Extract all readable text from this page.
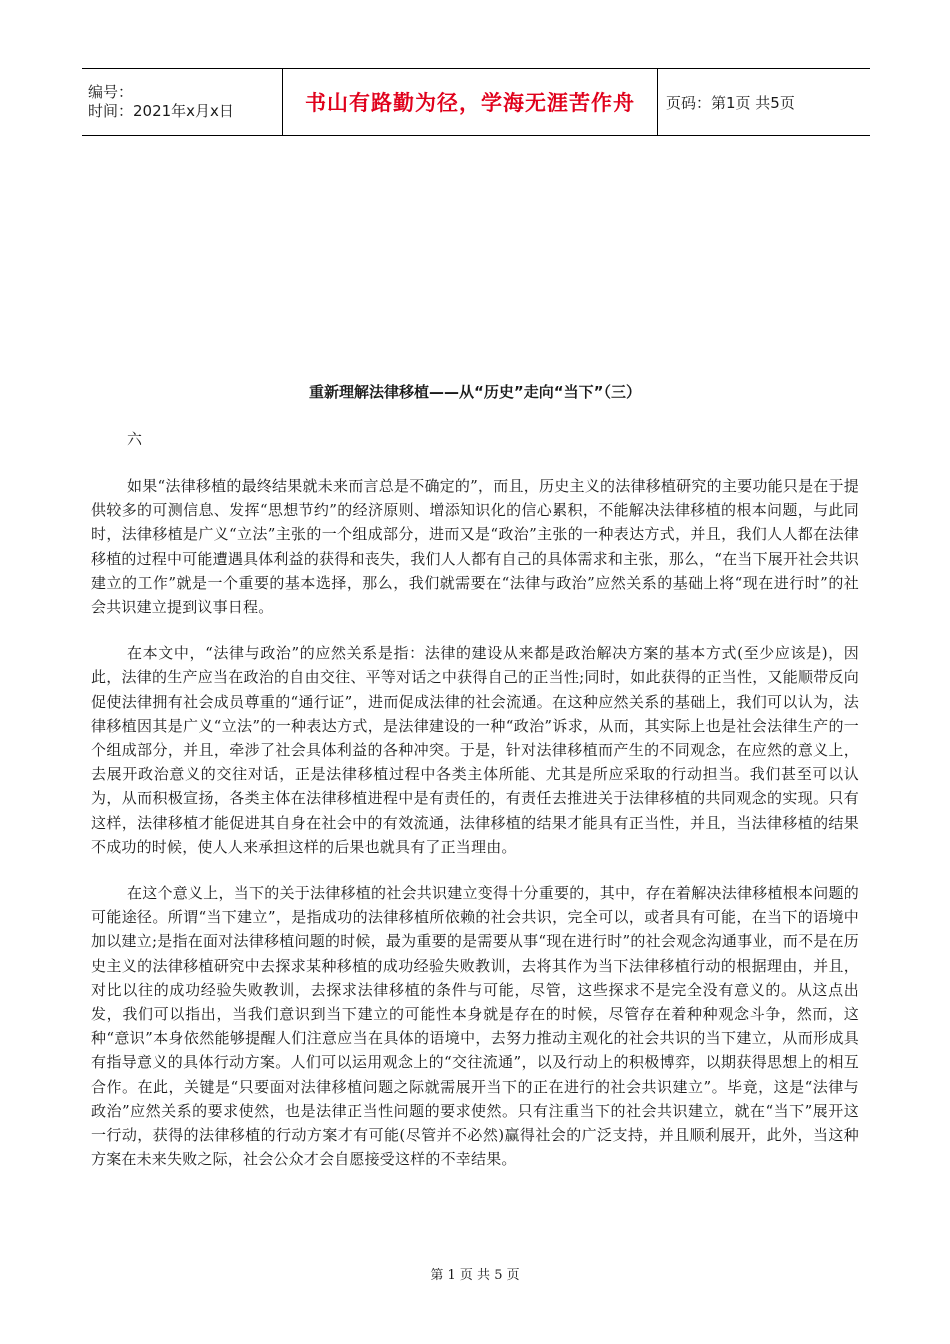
编号：
时间：2021年x月x日	书山有路勤为径，学海无涯苦作舟 页码：第1页 共5页
重新理解法律移植——从“历史”走向“当下”（三）
六

如果“法律移植的最终结果就未来而言总是不确定的”，而且，历史主义的法律移植研究的主要功能只是在于提供较多的可测信息、发挥“思想节约”的经济原则、增添知识化的信心累积，不能解决法律移植的根本问题，与此同时，法律移植是广义“立法”主张的一个组成部分，进而又是“政治”主张的一种表达方式，并且，我们人人都在法律移植的过程中可能遭遇具体利益的获得和丧失，我们人人都有自己的具体需求和主张，那么，“在当下展开社会共识建立的工作”就是一个重要的基本选择，那么，我们就需要在“法律与政治”应然关系的基础上将“现在进行时”的社会共识建立提到议事日程。

在本文中，“法律与政治”的应然关系是指：法律的建设从来都是政治解决方案的基本方式(至少应该是)，因此，法律的生产应当在政治的自由交往、平等对话之中获得自己的正当性;同时，如此获得的正当性，又能顺带反向促使法律拥有社会成员尊重的“通行证”，进而促成法律的社会流通。在这种应然关系的基础上，我们可以认为，法律移植因其是广义“立法”的一种表达方式，是法律建设的一种“政治”诉求，从而，其实际上也是社会法律生产的一个组成部分，并且，牵涉了社会具体利益的各种冲突。于是，针对法律移植而产生的不同观念，在应然的意义上，去展开政治意义的交往对话，正是法律移植过程中各类主体所能、尤其是所应采取的行动担当。我们甚至可以认为，从而积极宣扬，各类主体在法律移植进程中是有责任的，有责任去推进关于法律移植的共同观念的实现。只有这样，法律移植才能促进其自身在社会中的有效流通，法律移植的结果才能具有正当性，并且，当法律移植的结果不成功的时候，使人人来承担这样的后果也就具有了正当理由。

在这个意义上，当下的关于法律移植的社会共识建立变得十分重要的，其中，存在着解决法律移植根本问题的可能途径。所谓“当下建立”，是指成功的法律移植所依赖的社会共识，完全可以，或者具有可能，在当下的语境中加以建立;是指在面对法律移植问题的时候，最为重要的是需要从事“现在进行时”的社会观念沟通事业，而不是在历史主义的法律移植研究中去探求某种移植的成功经验失败教训，去将其作为当下法律移植行动的根据理由，并且，对比以往的成功经验失败教训，去探求法律移植的条件与可能，尽管，这些探求不是完全没有意义的。从这点出发，我们可以指出，当我们意识到当下建立的可能性本身就是存在的时候，尽管存在着种种观念斗争，然而，这种“意识”本身依然能够提醒人们注意应当在具体的语境中，去努力推动主观化的社会共识的当下建立，从而形成具有指导意义的具体行动方案。人们可以运用观念上的“交往流通”，以及行动上的积极博弈，以期获得思想上的相互合作。在此，关键是“只要面对法律移植问题之际就需展开当下的正在进行的社会共识建立”。毕竟，这是“法律与政治”应然关系的要求使然，也是法律正当性问题的要求使然。只有注重当下的社会共识建立，就在“当下”展开这一行动，获得的法律移植的行动方案才有可能(尽管并不必然)赢得社会的广泛支持，并且顺利展开，此外，当这种方案在未来失败之际，社会公众才会自愿接受这样的不幸结果。

第 1 页 共 5 页
